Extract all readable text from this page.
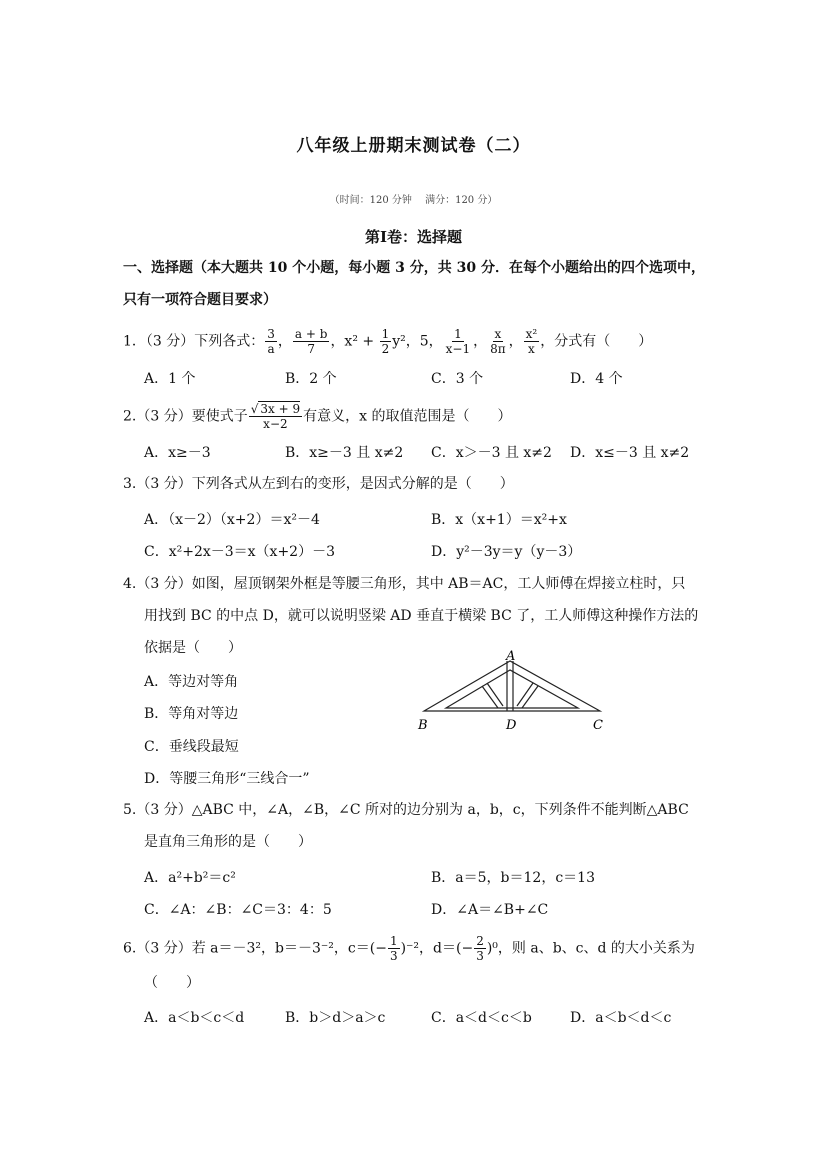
八年级上册期末测试卷（二）
（时间：120 分钟　 满分：120 分）
第Ⅰ卷：选择题
一、选择题（本大题共 10 个小题，每小题 3 分，共 30 分．在每个小题给出的四个选项中，
只有一项符合题目要求）
1．（3 分）下列各式： $\frac{3}{a}$ ， $\frac{a + b}{7}$ ，$x^2 + \frac{1}{2} y^2$，5， $\frac{1}{x-1}$ ， $\frac{x}{8\pi}$ ， $\frac{\text{x²}}{x}$ ，分式有（　　）
A．1 个	B．2 个	C．3 个	D．4 个
2.（3 分）要使式子 $\frac{√ 3x + 9}{x-2}$ 有意义，x 的取值范围是（　　）
A．x≥－3	B．x≥－3 且 x≠2 C．x＞－3 且 x≠2 D．x≤－3 且 x≠2
3.（3 分）下列各式从左到右的变形，是因式分解的是（　　）
A．（x－2）（x+2）＝x²－4	B．x（x+1）＝x²+x
C．x²+2x－3＝x（x+2）－3	D．y²－3y＝y（y－3）
4.（3 分）如图，屋顶钢架外框是等腰三角形，其中 AB＝AC，工人师傅在焊接立柱时，只
用找到 BC 的中点 D，就可以说明竖梁 AD 垂直于横梁 BC 了，工人师傅这种操作方法的
依据是（　　）
A．等边对等角
B．等角对等边
C．垂线段最短
D．等腰三角形“三线合一”
A
B	D	C
5.（3 分）△ABC 中，∠A，∠B，∠C 所对的边分别为 a，b，c，下列条件不能判断△ABC
是直角三角形的是（　　）
A．a²+b²＝c²	B．a＝5，b＝12，c＝13
C．∠A：∠B：∠C＝3：4：5	D．∠A＝∠B+∠C
6.（3 分）若 a＝－3²，b＝－3⁻²，$c=(- \frac{1}{3} )^{-2}$，$d=(- \frac{2}{3} )^0$，则 a、b、c、d 的大小关系为
（　　）
A．a＜b＜c＜d	B．b＞d＞a＞c	C．a＜d＜c＜b	D．a＜b＜d＜c
